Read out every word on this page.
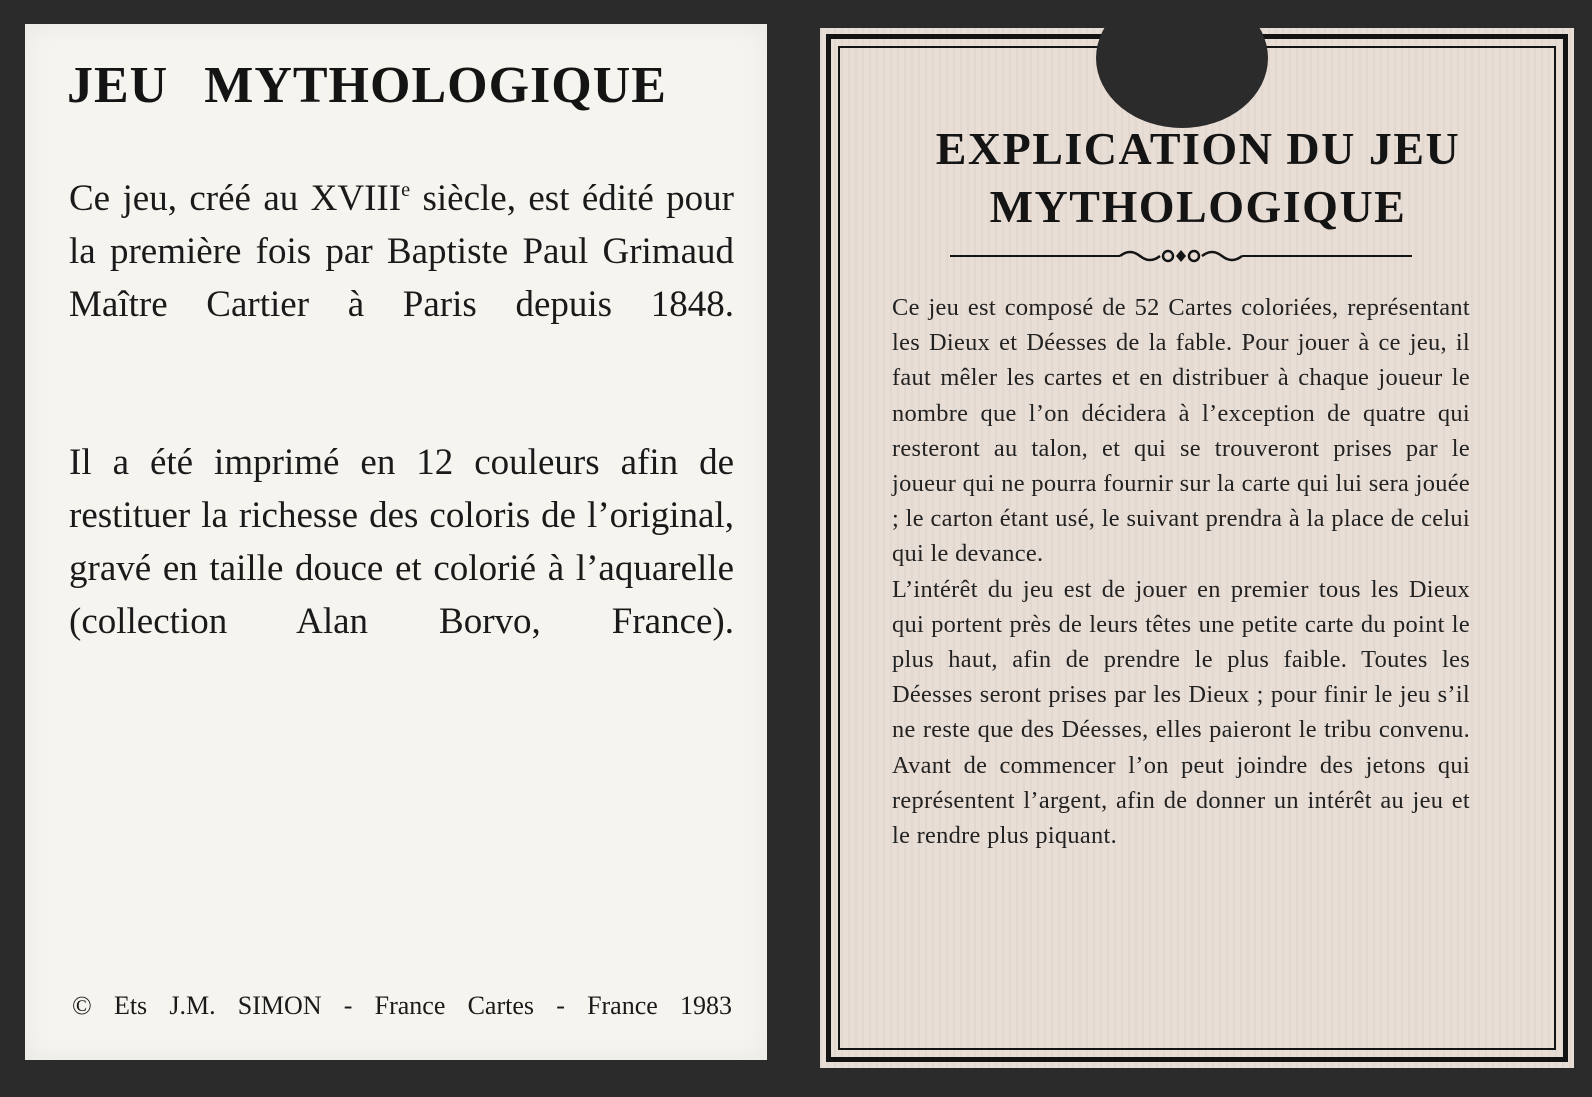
JEU MYTHOLOGIQUE

Ce jeu, créé au XVIIIe siècle, est édité pour la première fois par Baptiste Paul Grimaud Maître Cartier à Paris depuis 1848.

Il a été imprimé en 12 couleurs afin de restituer la richesse des coloris de l’original, gravé en taille douce et colorié à l’aquarelle (collection Alan Borvo, France).

© Ets J.M. SIMON - France Cartes - France 1983
EXPLICATION DU JEU
MYTHOLOGIQUE

Ce jeu est composé de 52 Cartes coloriées, représentant les Dieux et Déesses de la fable. Pour jouer à ce jeu, il faut mêler les cartes et en distribuer à chaque joueur le nombre que l’on décidera à l’exception de quatre qui resteront au talon, et qui se trouveront prises par le joueur qui ne pourra fournir sur la carte qui lui sera jouée ; le carton étant usé, le suivant prendra à la place de celui qui le devance.

L’intérêt du jeu est de jouer en premier tous les Dieux qui portent près de leurs têtes une petite carte du point le plus haut, afin de prendre le plus faible. Toutes les Déesses seront prises par les Dieux ; pour finir le jeu s’il ne reste que des Déesses, elles paieront le tribu convenu. Avant de commencer l’on peut joindre des jetons qui représentent l’argent, afin de donner un intérêt au jeu et le rendre plus piquant.
